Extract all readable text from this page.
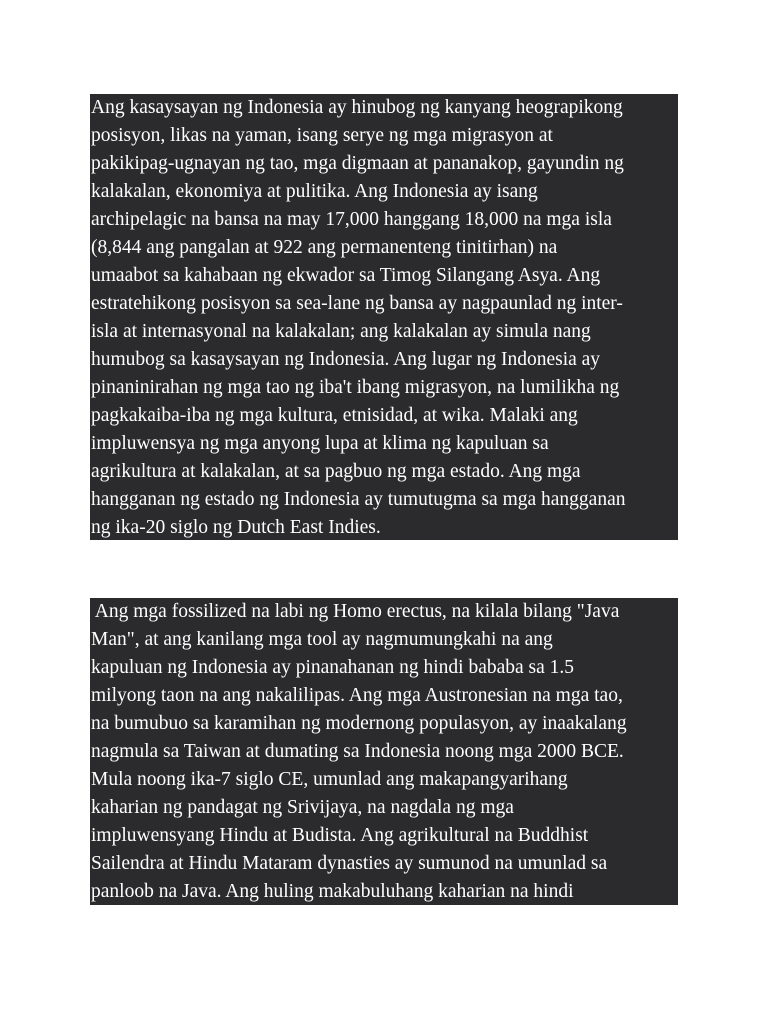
Ang kasaysayan ng Indonesia ay hinubog ng kanyang heograpikong
posisyon, likas na yaman, isang serye ng mga migrasyon at
pakikipag-ugnayan ng tao, mga digmaan at pananakop, gayundin ng
kalakalan, ekonomiya at pulitika. Ang Indonesia ay isang
archipelagic na bansa na may 17,000 hanggang 18,000 na mga isla
(8,844 ang pangalan at 922 ang permanenteng tinitirhan) na
umaabot sa kahabaan ng ekwador sa Timog Silangang Asya. Ang
estratehikong posisyon sa sea-lane ng bansa ay nagpaunlad ng inter-
isla at internasyonal na kalakalan; ang kalakalan ay simula nang
humubog sa kasaysayan ng Indonesia. Ang lugar ng Indonesia ay
pinaninirahan ng mga tao ng iba't ibang migrasyon, na lumilikha ng
pagkakaiba-iba ng mga kultura, etnisidad, at wika. Malaki ang
impluwensya ng mga anyong lupa at klima ng kapuluan sa
agrikultura at kalakalan, at sa pagbuo ng mga estado. Ang mga
hangganan ng estado ng Indonesia ay tumutugma sa mga hangganan
ng ika-20 siglo ng Dutch East Indies.
Ang mga fossilized na labi ng Homo erectus, na kilala bilang "Java
Man", at ang kanilang mga tool ay nagmumungkahi na ang
kapuluan ng Indonesia ay pinanahanan ng hindi bababa sa 1.5
milyong taon na ang nakalilipas. Ang mga Austronesian na mga tao,
na bumubuo sa karamihan ng modernong populasyon, ay inaakalang
nagmula sa Taiwan at dumating sa Indonesia noong mga 2000 BCE.
Mula noong ika-7 siglo CE, umunlad ang makapangyarihang
kaharian ng pandagat ng Srivijaya, na nagdala ng mga
impluwensyang Hindu at Budista. Ang agrikultural na Buddhist
Sailendra at Hindu Mataram dynasties ay sumunod na umunlad sa
panloob na Java. Ang huling makabuluhang kaharian na hindi
